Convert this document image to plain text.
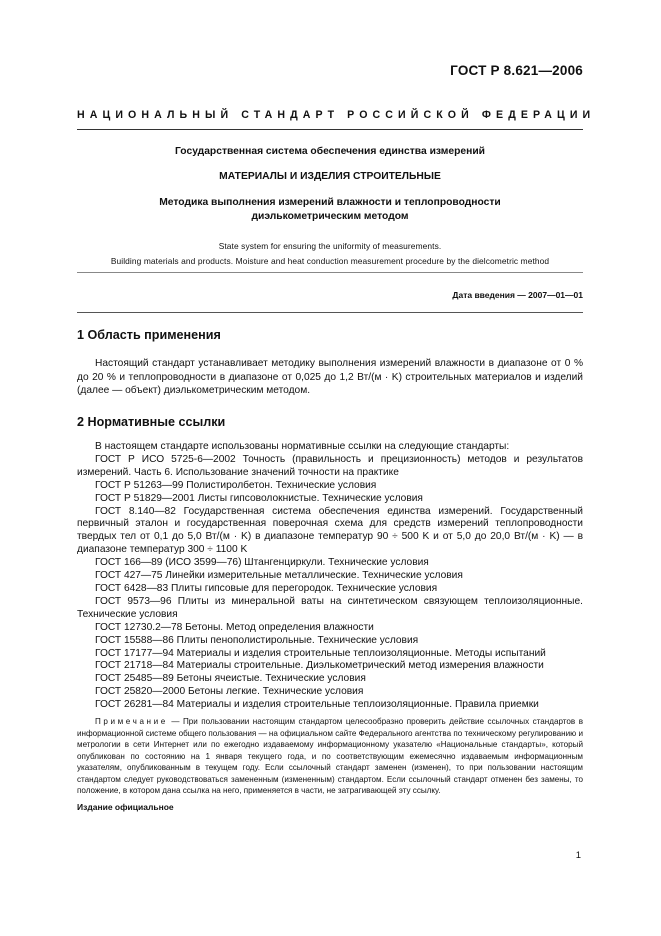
ГОСТ Р 8.621—2006
НАЦИОНАЛЬНЫЙ СТАНДАРТ РОССИЙСКОЙ ФЕДЕРАЦИИ
Государственная система обеспечения единства измерений
МАТЕРИАЛЫ И ИЗДЕЛИЯ СТРОИТЕЛЬНЫЕ
Методика выполнения измерений влажности и теплопроводности
диэлькометрическим методом
State system for ensuring the uniformity of measurements.
Building materials and products. Moisture and heat conduction measurement procedure by the dielcometric method
Дата введения — 2007—01—01
1 Область применения
Настоящий стандарт устанавливает методику выполнения измерений влажности в диапазоне от 0 % до 20 % и теплопроводности в диапазоне от 0,025 до 1,2 Вт/(м · K) строительных материалов и изделий (далее — объект) диэлькометрическим методом.
2 Нормативные ссылки
В настоящем стандарте использованы нормативные ссылки на следующие стандарты:
ГОСТ Р ИСО 5725-6—2002 Точность (правильность и прецизионность) методов и результатов измерений. Часть 6. Использование значений точности на практике
ГОСТ Р 51263—99 Полистиролбетон. Технические условия
ГОСТ Р 51829—2001 Листы гипсоволокнистые. Технические условия
ГОСТ 8.140—82 Государственная система обеспечения единства измерений. Государственный первичный эталон и государственная поверочная схема для средств измерений теплопроводности твердых тел от 0,1 до 5,0 Вт/(м · K) в диапазоне температур 90 ÷ 500 K и от 5,0 до 20,0 Вт/(м · K) — в диапазоне температур 300 ÷ 1100 K
ГОСТ 166—89 (ИСО 3599—76) Штангенциркули. Технические условия
ГОСТ 427—75 Линейки измерительные металлические. Технические условия
ГОСТ 6428—83 Плиты гипсовые для перегородок. Технические условия
ГОСТ 9573—96 Плиты из минеральной ваты на синтетическом связующем теплоизоляционные. Технические условия
ГОСТ 12730.2—78 Бетоны. Метод определения влажности
ГОСТ 15588—86 Плиты пенополистирольные. Технические условия
ГОСТ 17177—94 Материалы и изделия строительные теплоизоляционные. Методы испытаний
ГОСТ 21718—84 Материалы строительные. Диэлькометрический метод измерения влажности
ГОСТ 25485—89 Бетоны ячеистые. Технические условия
ГОСТ 25820—2000 Бетоны легкие. Технические условия
ГОСТ 26281—84 Материалы и изделия строительные теплоизоляционные. Правила приемки
Примечание — При пользовании настоящим стандартом целесообразно проверить действие ссылочных стандартов в информационной системе общего пользования — на официальном сайте Федерального агентства по техническому регулированию и метрологии в сети Интернет или по ежегодно издаваемому информационному указателю «Национальные стандарты», который опубликован по состоянию на 1 января текущего года, и по соответствующим ежемесячно издаваемым информационным указателям, опубликованным в текущем году. Если ссылочный стандарт заменен (изменен), то при пользовании настоящим стандартом следует руководствоваться замененным (измененным) стандартом. Если ссылочный стандарт отменен без замены, то положение, в котором дана ссылка на него, применяется в части, не затрагивающей эту ссылку.
Издание официальное
1
